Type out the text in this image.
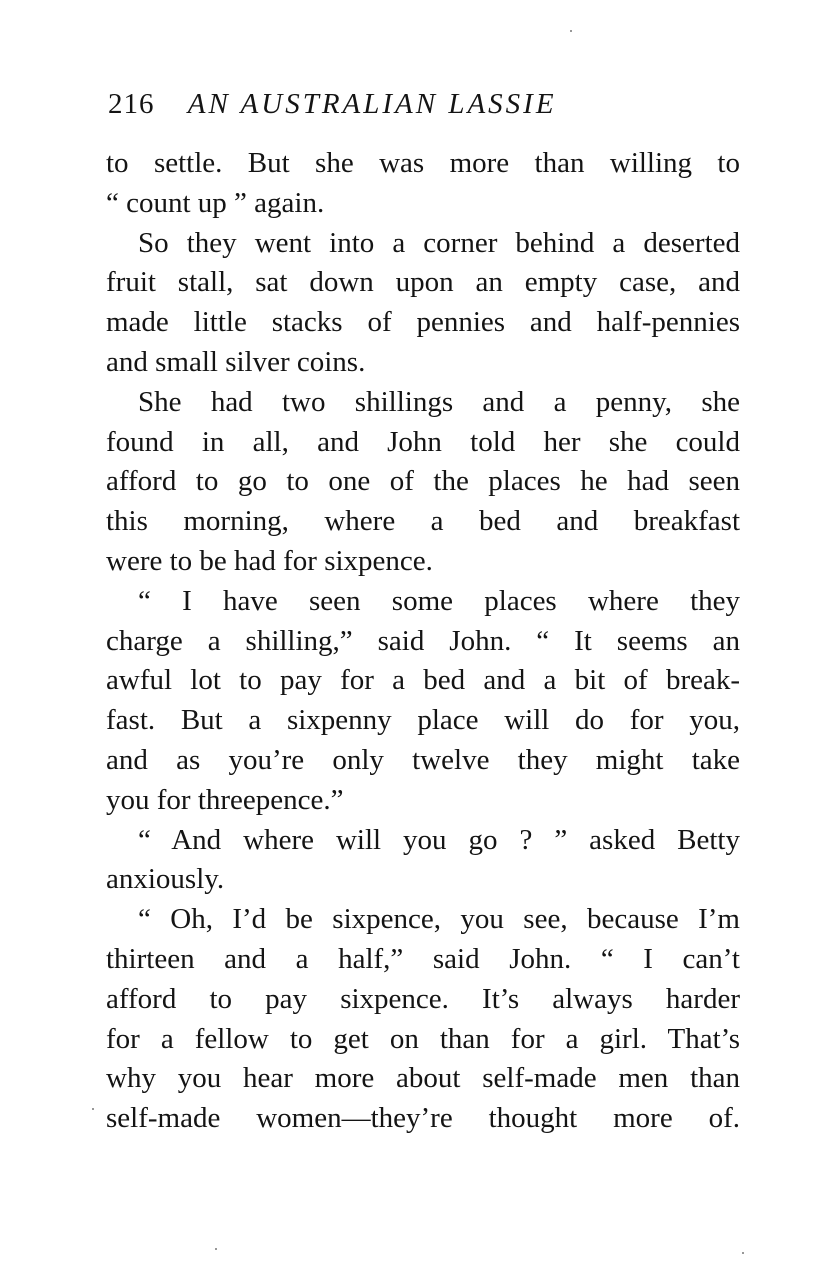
216 AN AUSTRALIAN LASSIE
to settle. But she was more than willing to
“ count up ” again.
So they went into a corner behind a deserted
fruit stall, sat down upon an empty case, and
made little stacks of pennies and half-pennies
and small silver coins.
She had two shillings and a penny, she
found in all, and John told her she could
afford to go to one of the places he had seen
this morning, where a bed and breakfast
were to be had for sixpence.
“ I have seen some places where they
charge a shilling,” said John. “ It seems an
awful lot to pay for a bed and a bit of break-
fast. But a sixpenny place will do for you,
and as you’re only twelve they might take
you for threepence.”
“ And where will you go ? ” asked Betty
anxiously.
“ Oh, I’d be sixpence, you see, because I’m
thirteen and a half,” said John. “ I can’t
afford to pay sixpence. It’s always harder
for a fellow to get on than for a girl. That’s
why you hear more about self-made men than
self-made women—they’re thought more of.
